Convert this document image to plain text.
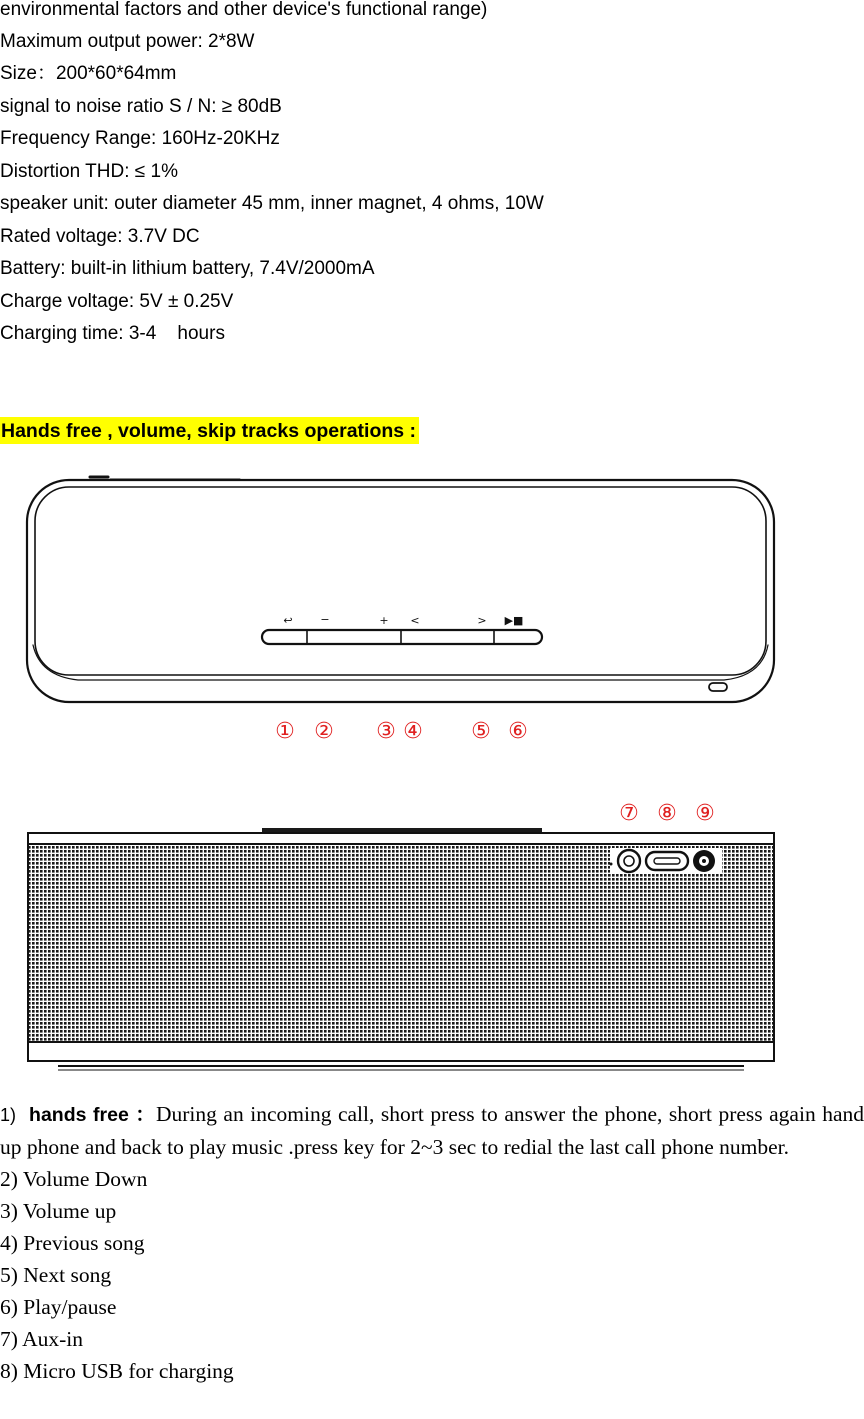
environmental factors and other device's functional range)
Maximum output power: 2*8W
Size：200*60*64mm
signal to noise ratio S / N: ≥ 80dB
Frequency Range: 160Hz-20KHz
Distortion THD: ≤ 1%
speaker unit: outer diameter 45 mm, inner magnet, 4 ohms, 10W
Rated voltage: 3.7V DC
Battery: built-in lithium battery, 7.4V/2000mA
Charge voltage: 5V ± 0.25V
Charging time: 3-4    hours
Hands free , volume, skip tracks operations :
↩	−	+ <	> ▶■
① ② ③ ④ ⑤ ⑥
⑦ ⑧ ⑨

1) hands free ：During an incoming call, short press to answer the phone, short press again hand up phone and back to play music .press key for 2~3 sec to redial the last call phone number.

2) Volume Down

3) Volume up

4) Previous song

5) Next song

6) Play/pause

7) Aux-in

8) Micro USB for charging
